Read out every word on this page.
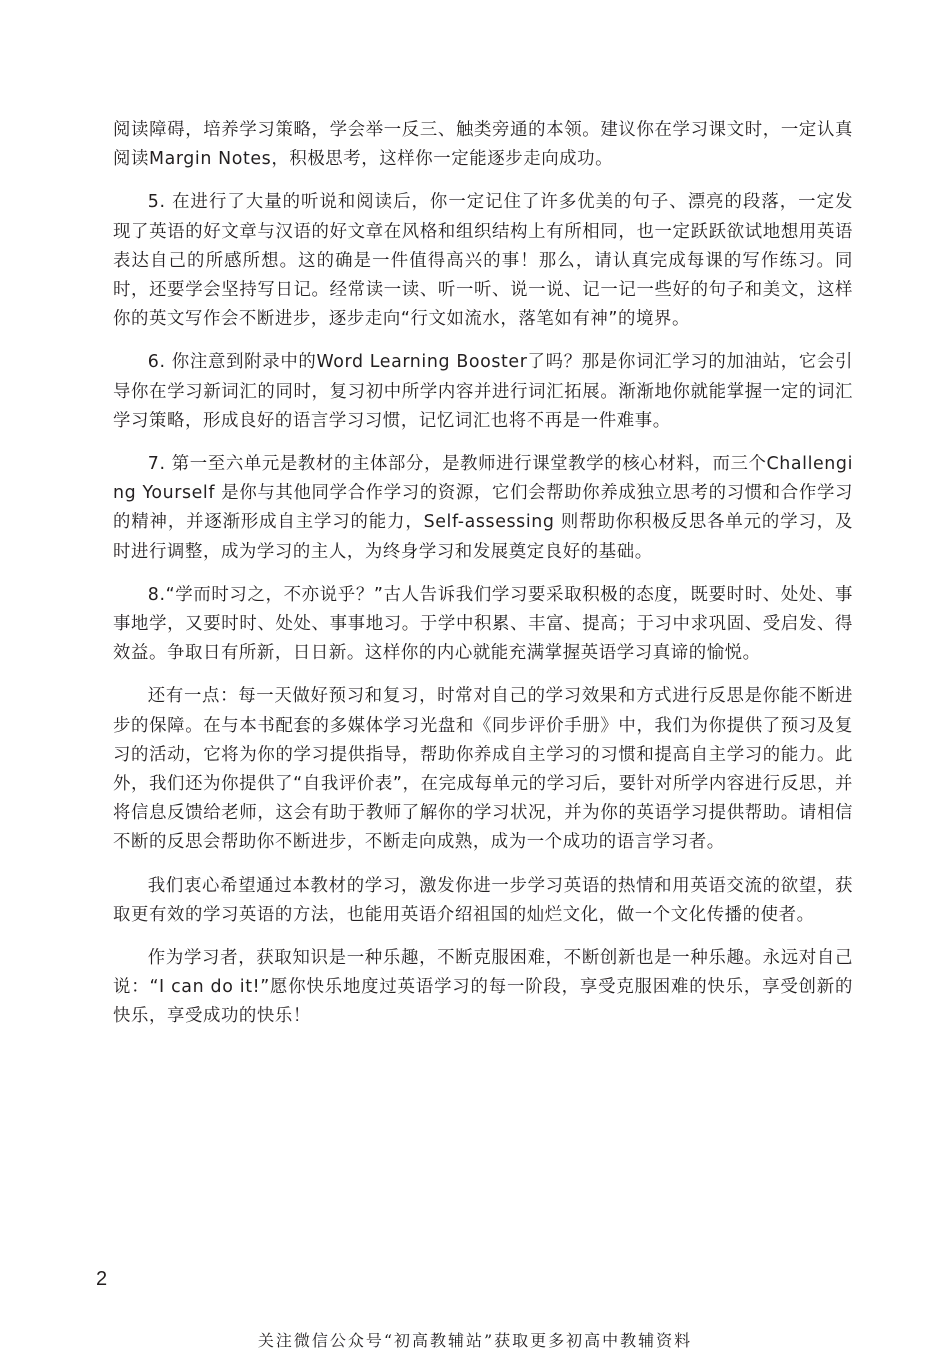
阅读障碍，培养学习策略，学会举一反三、触类旁通的本领。建议你在学习课文时，一定认真阅读Margin Notes，积极思考，这样你一定能逐步走向成功。

5. 在进行了大量的听说和阅读后，你一定记住了许多优美的句子、漂亮的段落，一定发现了英语的好文章与汉语的好文章在风格和组织结构上有所相同，也一定跃跃欲试地想用英语表达自己的所感所想。这的确是一件值得高兴的事！那么，请认真完成每课的写作练习。同时，还要学会坚持写日记。经常读一读、听一听、说一说、记一记一些好的句子和美文，这样你的英文写作会不断进步，逐步走向“行文如流水，落笔如有神”的境界。

6. 你注意到附录中的Word Learning Booster了吗？那是你词汇学习的加油站，它会引导你在学习新词汇的同时，复习初中所学内容并进行词汇拓展。渐渐地你就能掌握一定的词汇学习策略，形成良好的语言学习习惯，记忆词汇也将不再是一件难事。

7. 第一至六单元是教材的主体部分，是教师进行课堂教学的核心材料，而三个Challenging Yourself 是你与其他同学合作学习的资源，它们会帮助你养成独立思考的习惯和合作学习的精神，并逐渐形成自主学习的能力，Self-assessing 则帮助你积极反思各单元的学习，及时进行调整，成为学习的主人，为终身学习和发展奠定良好的基础。

8.“学而时习之，不亦说乎？”古人告诉我们学习要采取积极的态度，既要时时、处处、事事地学，又要时时、处处、事事地习。于学中积累、丰富、提高；于习中求巩固、受启发、得效益。争取日有所新，日日新。这样你的内心就能充满掌握英语学习真谛的愉悦。

还有一点：每一天做好预习和复习，时常对自己的学习效果和方式进行反思是你能不断进步的保障。在与本书配套的多媒体学习光盘和《同步评价手册》中，我们为你提供了预习及复习的活动，它将为你的学习提供指导，帮助你养成自主学习的习惯和提高自主学习的能力。此外，我们还为你提供了“自我评价表”，在完成每单元的学习后，要针对所学内容进行反思，并将信息反馈给老师，这会有助于教师了解你的学习状况，并为你的英语学习提供帮助。请相信不断的反思会帮助你不断进步，不断走向成熟，成为一个成功的语言学习者。

我们衷心希望通过本教材的学习，激发你进一步学习英语的热情和用英语交流的欲望，获取更有效的学习英语的方法，也能用英语介绍祖国的灿烂文化，做一个文化传播的使者。

作为学习者，获取知识是一种乐趣，不断克服困难，不断创新也是一种乐趣。永远对自己说：“I can do it!”愿你快乐地度过英语学习的每一阶段，享受克服困难的快乐，享受创新的快乐，享受成功的快乐！

2
关注微信公众号“初高教辅站”获取更多初高中教辅资料
